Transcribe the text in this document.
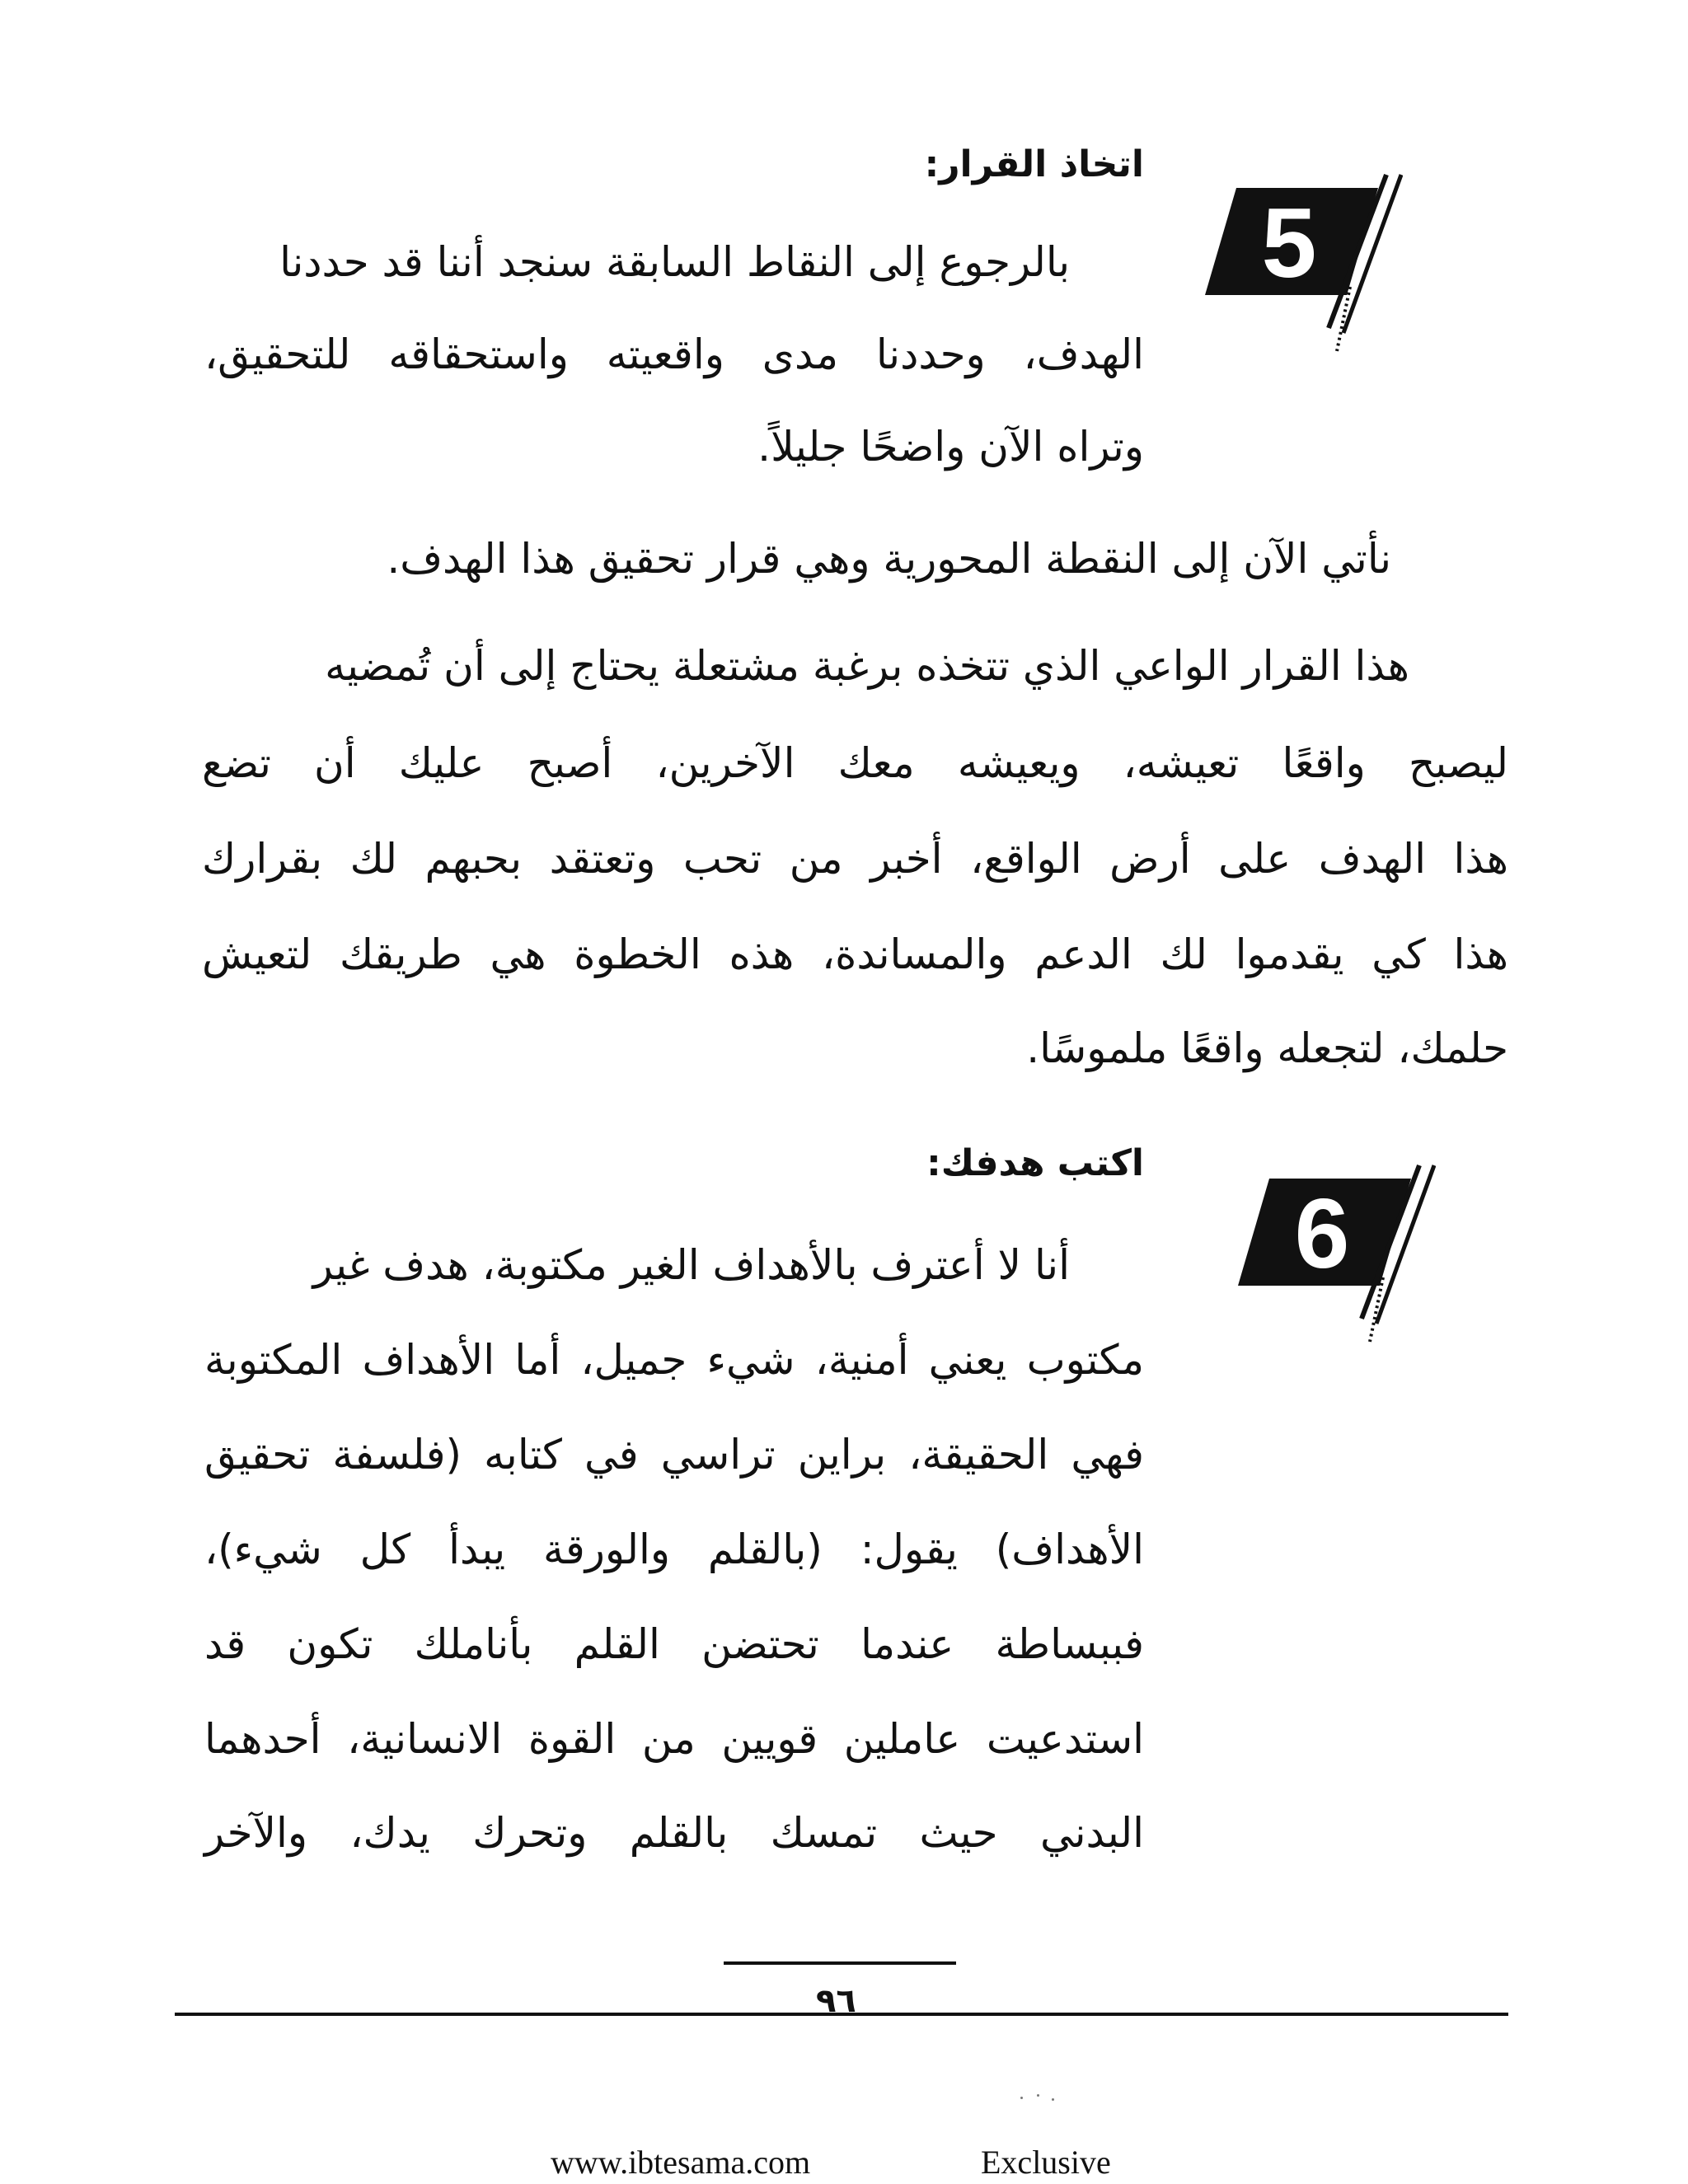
5
اتخاذ القرار:
بالرجوع إلى النقاط السابقة سنجد أننا قد حددنا
الهدف، وحددنا مدى واقعيته واستحقاقه للتحقيق،
وتراه الآن واضحًا جليلاً.
نأتي الآن إلى النقطة المحورية وهي قرار تحقيق هذا الهدف.
هذا القرار الواعي الذي تتخذه برغبة مشتعلة يحتاج إلى أن تُمضيه
ليصبح واقعًا تعيشه، ويعيشه معك الآخرين، أصبح عليك أن تضع
هذا الهدف على أرض الواقع، أخبر من تحب وتعتقد بحبهم لك بقرارك
هذا كي يقدموا لك الدعم والمساندة، هذه الخطوة هي طريقك لتعيش
حلمك، لتجعله واقعًا ملموسًا.
6
اكتب هدفك:
أنا لا أعترف بالأهداف الغير مكتوبة، هدف غير
مكتوب يعني أمنية، شيء جميل، أما الأهداف المكتوبة
فهي الحقيقة، براين تراسي في كتابه (فلسفة تحقيق
الأهداف) يقول: (بالقلم والورقة يبدأ كل شيء)،
فببساطة عندما تحتضن القلم بأناملك تكون قد
استدعيت عاملين قويين من القوة الانسانية، أحدهما
البدني حيث تمسك بالقلم وتحرك يدك، والآخر
٩٦
www.ibtesama.com	Exclusive
